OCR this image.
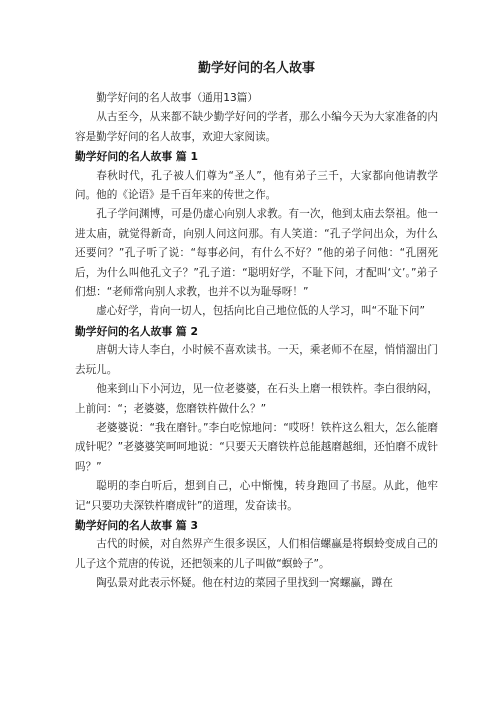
勤学好问的名人故事

勤学好问的名人故事（通用13篇）

从古至今，从来都不缺少勤学好问的学者，那么小编今天为大家准备的内容是勤学好问的名人故事，欢迎大家阅读。

勤学好问的名人故事 篇 1

春秋时代，孔子被人们尊为“圣人”，他有弟子三千，大家都向他请教学问。他的《论语》是千百年来的传世之作。

孔子学问渊博，可是仍虚心向别人求教。有一次，他到太庙去祭祖。他一进太庙，就觉得新奇，向别人问这问那。有人笑道：“孔子学问出众，为什么还要问？”孔子听了说：“每事必问，有什么不好？”他的弟子问他：“孔圉死后，为什么叫他孔文子？”孔子道：“聪明好学，不耻下问，才配叫‘文’。”弟子们想：“老师常向别人求教，也并不以为耻辱呀！”

虚心好学，肯向一切人，包括向比自己地位低的人学习，叫“不耻下问”

勤学好问的名人故事 篇 2

唐朝大诗人李白，小时候不喜欢读书。一天，乘老师不在屋，悄悄溜出门去玩儿。

他来到山下小河边，见一位老婆婆，在石头上磨一根铁杵。李白很纳闷，上前问：“；老婆婆，您磨铁杵做什么？”

老婆婆说：“我在磨针。”李白吃惊地问：“哎呀！铁杵这么粗大，怎么能磨成针呢？”老婆婆笑呵呵地说：“只要天天磨铁杵总能越磨越细，还怕磨不成针吗？”

聪明的李白听后，想到自己，心中惭愧，转身跑回了书屋。从此，他牢记“只要功夫深铁杵磨成针”的道理，发奋读书。

勤学好问的名人故事 篇 3

古代的时候，对自然界产生很多误区，人们相信螺蠃是将螟蛉变成自己的儿子这个荒唐的传说，还把领来的儿子叫做“螟蛉子”。

陶弘景对此表示怀疑。他在村边的菜园子里找到一窝螺蠃，蹲在
